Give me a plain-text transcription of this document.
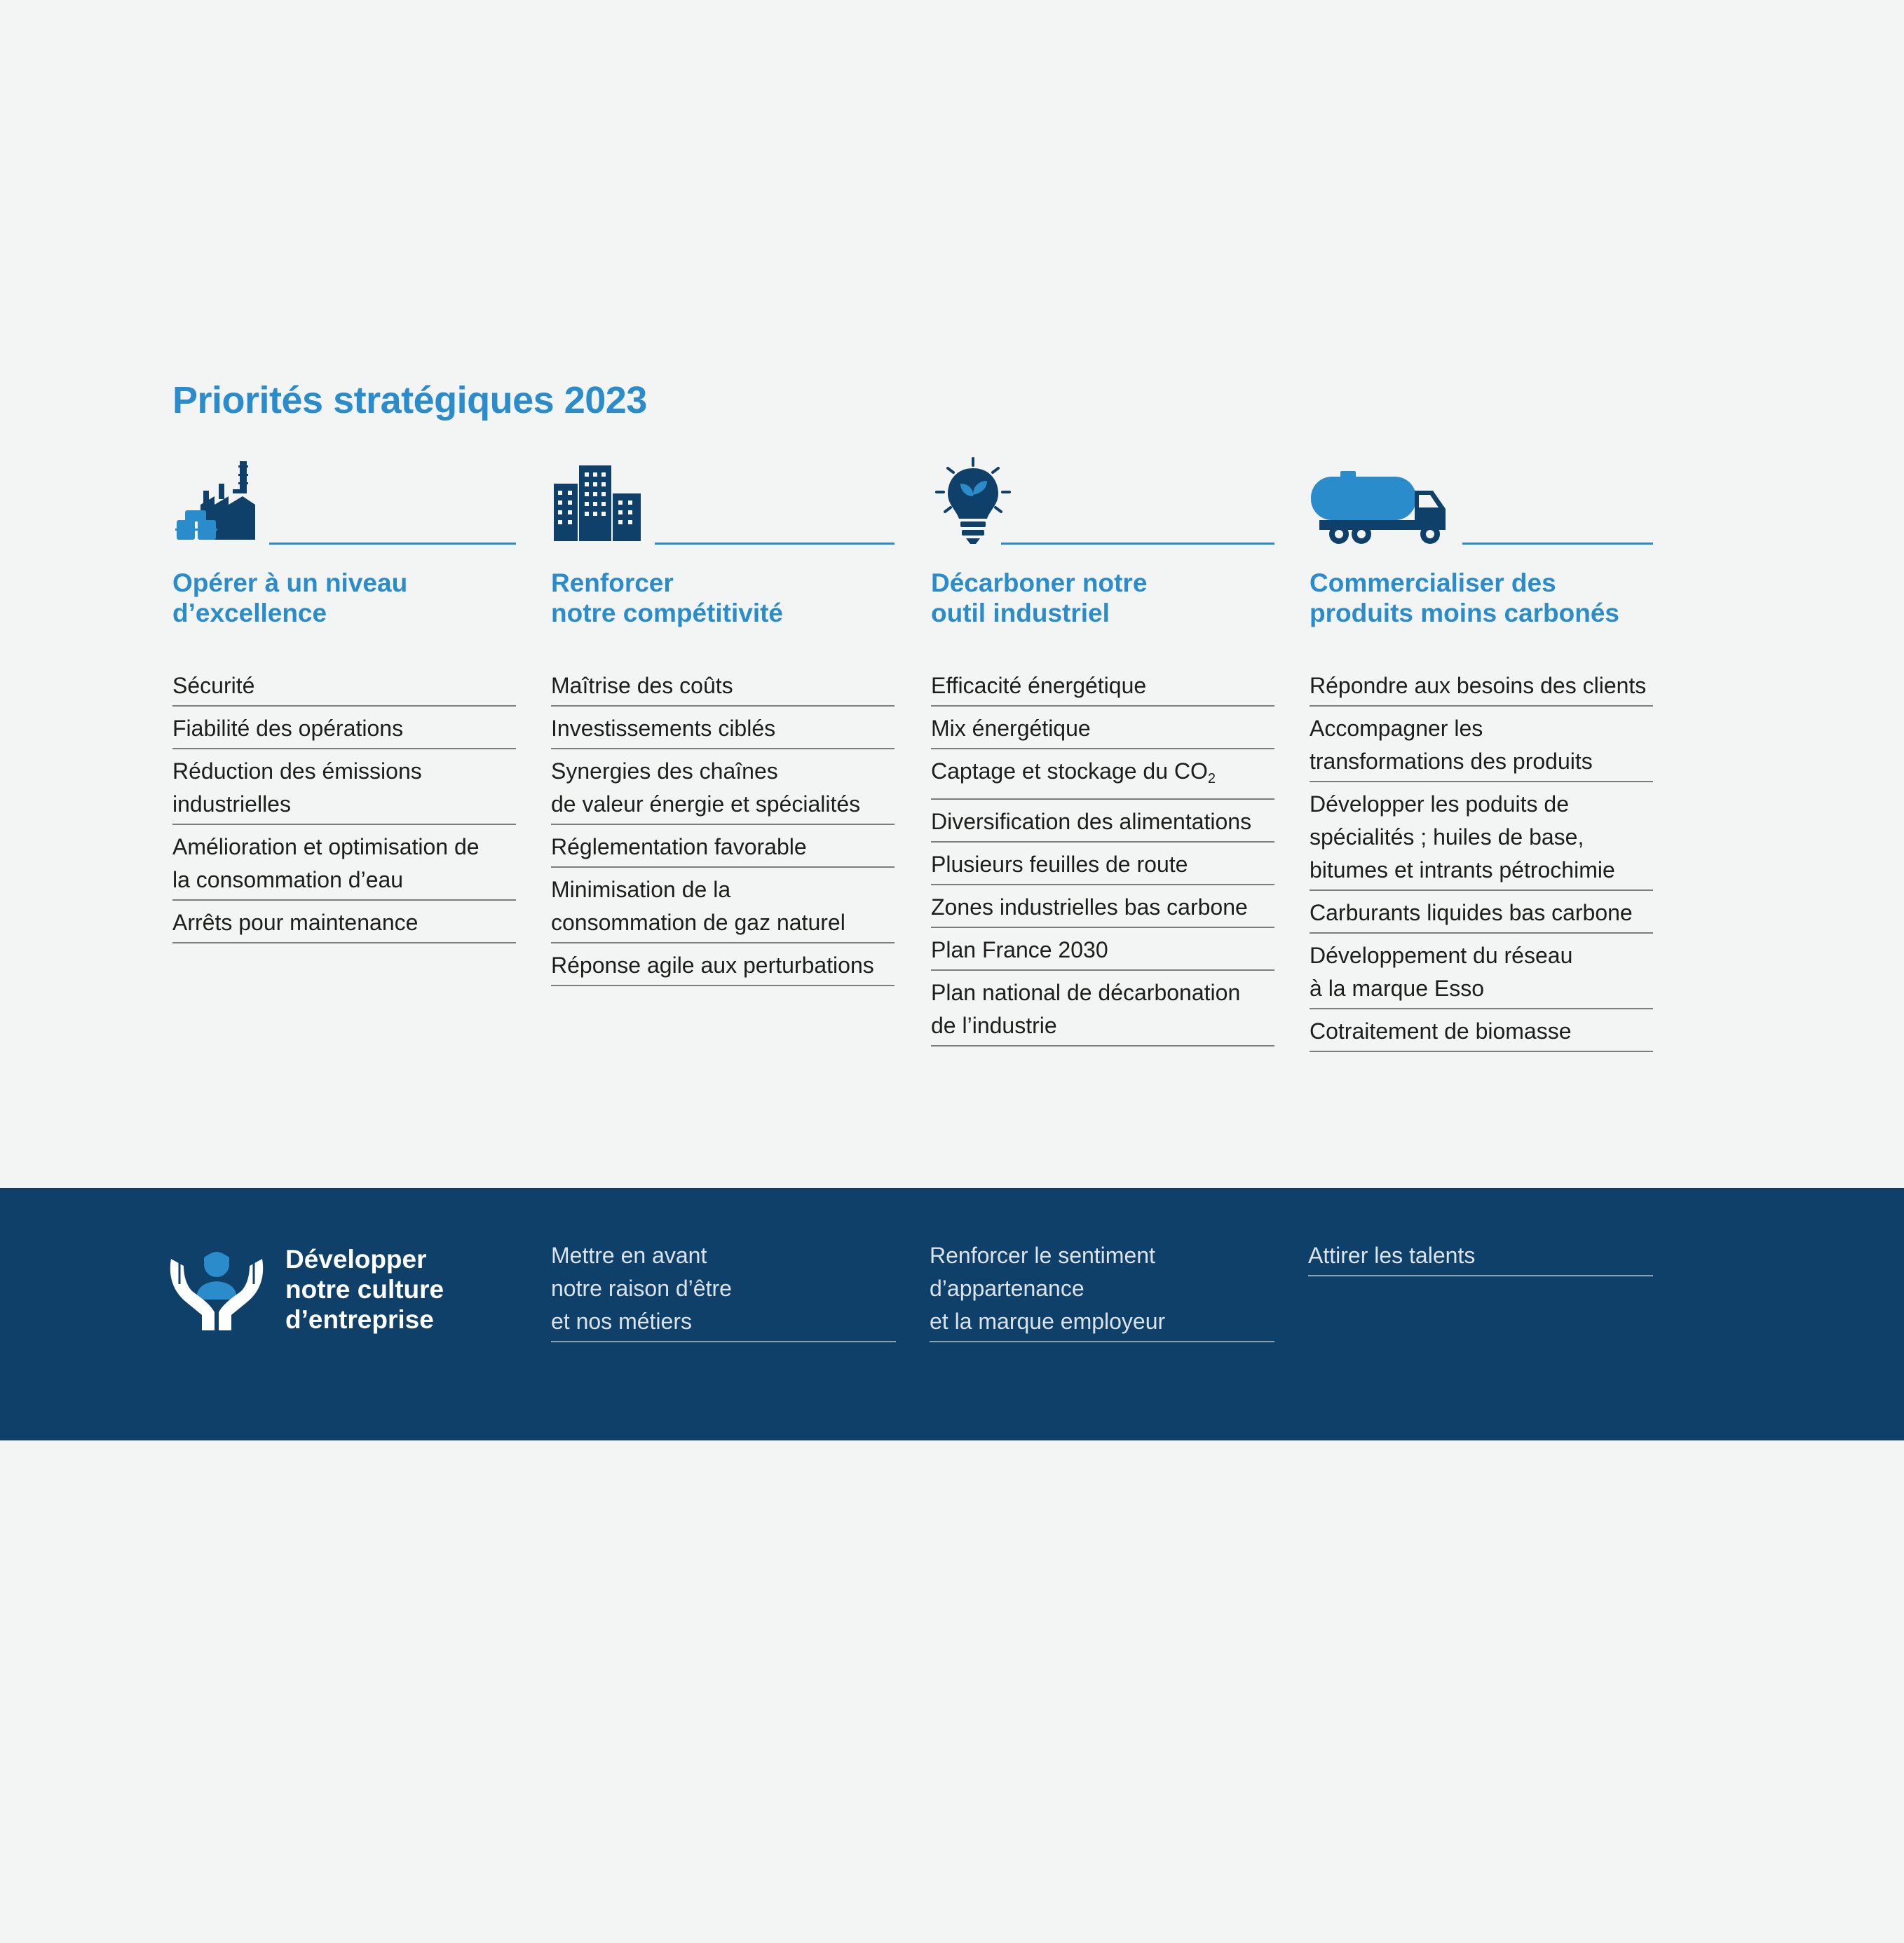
Priorités stratégiques 2023
Opérer à un niveau
d’excellence
Sécurité
Fiabilité des opérations
Réduction des émissions
industrielles
Amélioration et optimisation de
la consommation d’eau
Arrêts pour maintenance
Renforcer
notre compétitivité
Maîtrise des coûts
Investissements ciblés
Synergies des chaînes
de valeur énergie et spécialités
Réglementation favorable
Minimisation de la
consommation de gaz naturel
Réponse agile aux perturbations
Décarboner notre
outil industriel
Efficacité énergétique
Mix énergétique
Captage et stockage du $CO_2$
Diversification des alimentations
Plusieurs feuilles de route
Zones industrielles bas carbone
Plan France 2030
Plan national de décarbonation
de l’industrie
Commercialiser des
produits moins carbonés
Répondre aux besoins des clients
Accompagner les
transformations des produits
Développer les poduits de
spécialités ; huiles de base,
bitumes et intrants pétrochimie
Carburants liquides bas carbone
Développement du réseau
à la marque Esso
Cotraitement de biomasse
Développer
notre culture
d’entreprise
Mettre en avant
notre raison d’être
et nos métiers
Renforcer le sentiment
d’appartenance
et la marque employeur
Attirer les talents
